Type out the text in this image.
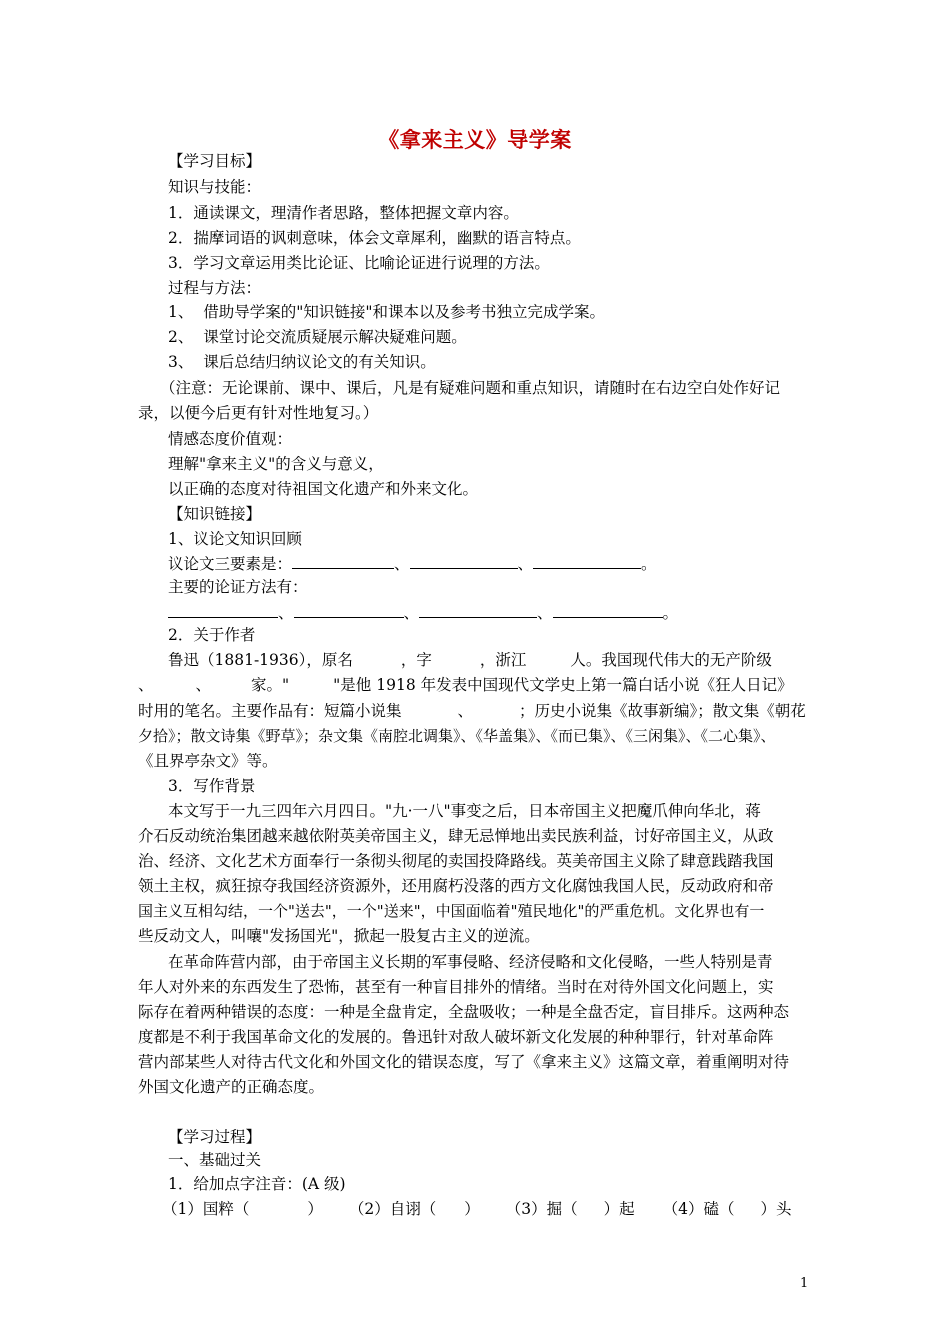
《拿来主义》导学案
【学习目标】
知识与技能：
1．通读课文，理清作者思路，整体把握文章内容。
2．揣摩词语的讽刺意味，体会文章犀利，幽默的语言特点。
3．学习文章运用类比论证、比喻论证进行说理的方法。
过程与方法：
1、  借助导学案的"知识链接"和课本以及参考书独立完成学案。
2、  课堂讨论交流质疑展示解决疑难问题。
3、  课后总结归纳议论文的有关知识。
（注意：无论课前、课中、课后，凡是有疑难问题和重点知识，请随时在右边空白处作好记
录，以便今后更有针对性地复习。）
情感态度价值观：
理解"拿来主义"的含义与意义，
以正确的态度对待祖国文化遗产和外来文化。
【知识链接】
1、议论文知识回顾
议论文三要素是：	、	、	。
主要的论证方法有：
、	、	、	。
2．关于作者
鲁迅（1881-1936），原名	，字	，浙江	人。我国现代伟大的无产阶级
、	、	家。"	"是他 1918 年发表中国现代文学史上第一篇白话小说《狂人日记》
时用的笔名。主要作品有：短篇小说集	、	；历史小说集《故事新编》；散文集《朝花
夕拾》；散文诗集《野草》；杂文集《南腔北调集》、《华盖集》、《而已集》、《三闲集》、《二心集》、
《且界亭杂文》等。
3．写作背景
本文写于一九三四年六月四日。"九·一八"事变之后，日本帝国主义把魔爪伸向华北，蒋
介石反动统治集团越来越依附英美帝国主义，肆无忌惮地出卖民族利益，讨好帝国主义，从政
治、经济、文化艺术方面奉行一条彻头彻尾的卖国投降路线。英美帝国主义除了肆意践踏我国
领土主权，疯狂掠夺我国经济资源外，还用腐朽没落的西方文化腐蚀我国人民，反动政府和帝
国主义互相勾结，一个"送去"，一个"送来"，中国面临着"殖民地化"的严重危机。文化界也有一
些反动文人，叫嚷"发扬国光"，掀起一股复古主义的逆流。
在革命阵营内部，由于帝国主义长期的军事侵略、经济侵略和文化侵略，一些人特别是青
年人对外来的东西发生了恐怖，甚至有一种盲目排外的情绪。当时在对待外国文化问题上，实
际存在着两种错误的态度：一种是全盘肯定，全盘吸收；一种是全盘否定，盲目排斥。这两种态
度都是不利于我国革命文化的发展的。鲁迅针对敌人破坏新文化发展的种种罪行，针对革命阵
营内部某些人对待古代文化和外国文化的错误态度，写了《拿来主义》这篇文章，着重阐明对待
外国文化遗产的正确态度。
【学习过程】
一、基础过关
1．给加点字注音：(A 级)
（1）国粹（	） （2）自诩（ ） （3）掘（ ）起 （4）磕（ ）头
1
